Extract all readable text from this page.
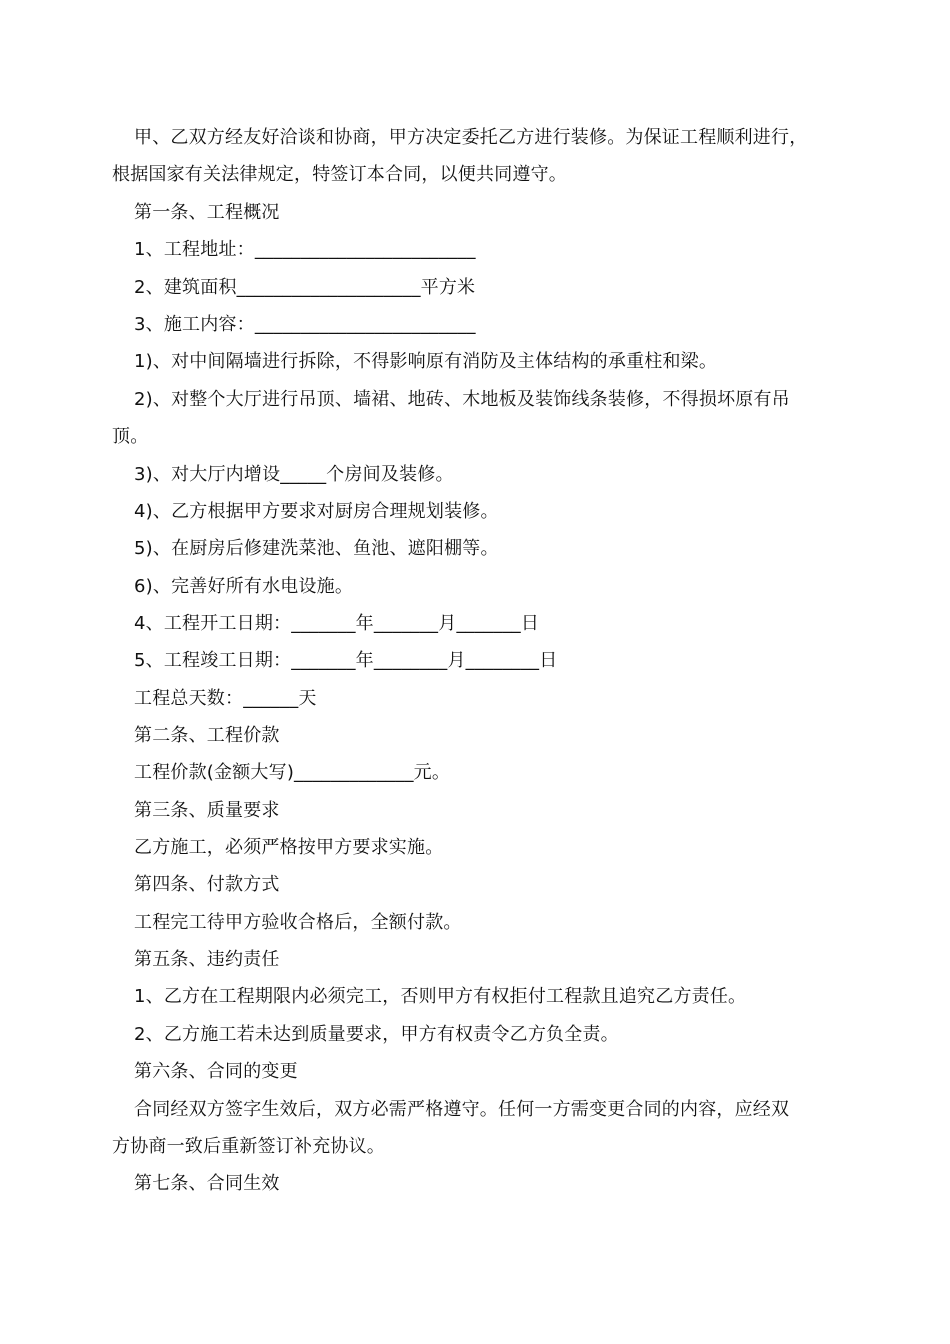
甲、乙双方经友好洽谈和协商，甲方决定委托乙方进行装修。为保证工程顺利进行，
根据国家有关法律规定，特签订本合同，以便共同遵守。
第一条、工程概况
1、工程地址：________________________
2、建筑面积____________________平方米
3、施工内容：________________________
1)、对中间隔墙进行拆除，不得影响原有消防及主体结构的承重柱和梁。
2)、对整个大厅进行吊顶、墙裙、地砖、木地板及装饰线条装修，不得损坏原有吊
顶。
3)、对大厅内增设_____个房间及装修。
4)、乙方根据甲方要求对厨房合理规划装修。
5)、在厨房后修建洗菜池、鱼池、遮阳棚等。
6)、完善好所有水电设施。
4、工程开工日期：_______年_______月_______日
5、工程竣工日期：_______年________月________日
工程总天数：______天
第二条、工程价款
工程价款(金额大写)_____________元。
第三条、质量要求
乙方施工，必须严格按甲方要求实施。
第四条、付款方式
工程完工待甲方验收合格后，全额付款。
第五条、违约责任
1、乙方在工程期限内必须完工，否则甲方有权拒付工程款且追究乙方责任。
2、乙方施工若未达到质量要求，甲方有权责令乙方负全责。
第六条、合同的变更
合同经双方签字生效后，双方必需严格遵守。任何一方需变更合同的内容，应经双
方协商一致后重新签订补充协议。
第七条、合同生效
